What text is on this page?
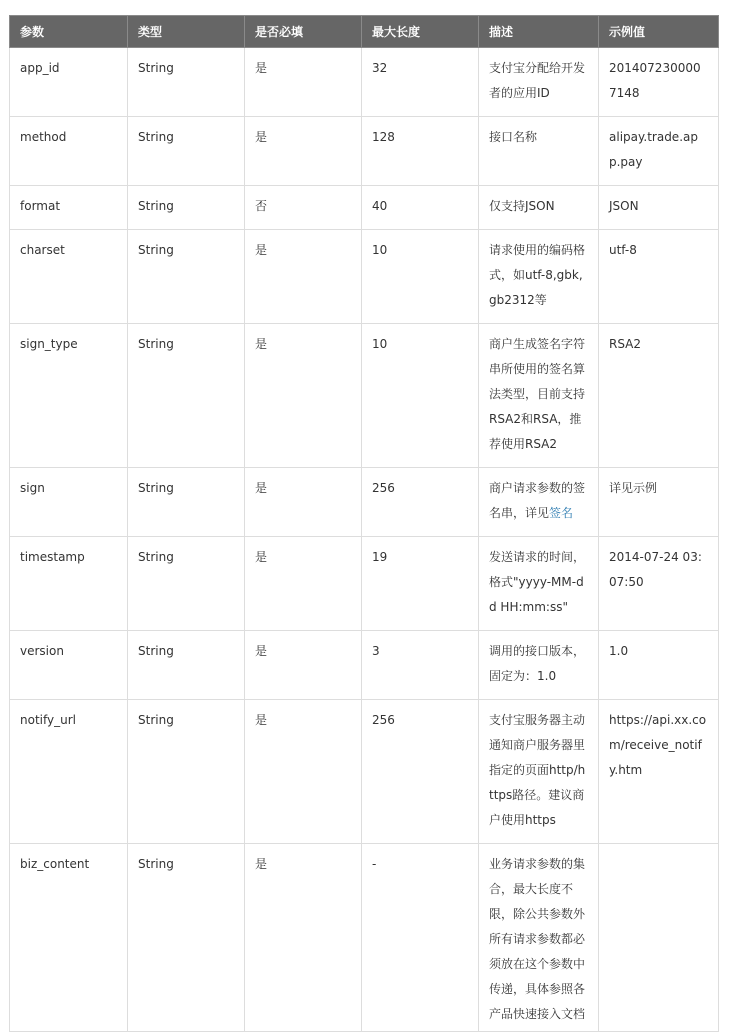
参数	类型	是否必填	最大长度	描述	示例值
app_id	String	是	32	支付宝分配给开发者的应用ID	2014072300007148
method	String	是	128	接口名称	alipay.trade.app.pay
format	String	否	40	仅支持JSON	JSON
charset	String	是	10	请求使用的编码格式，如utf-8,gbk,gb2312等	utf-8
sign_type	String	是	10	商户生成签名字符串所使用的签名算法类型，目前支持RSA2和RSA，推荐使用RSA2	RSA2
sign	String	是	256	商户请求参数的签名串，详见签名	详见示例
timestamp	String	是	19	发送请求的时间，格式"yyyy-MM-dd HH:mm:ss"	2014-07-24 03:07:50
version	String	是	3	调用的接口版本，固定为：1.0	1.0
notify_url	String	是	256	支付宝服务器主动通知商户服务器里指定的页面http/https路径。建议商户使用https	https://api.xx.com/receive_notify.htm
biz_content	String	是	-	业务请求参数的集合，最大长度不限，除公共参数外所有请求参数都必须放在这个参数中传递，具体参照各产品快速接入文档	
